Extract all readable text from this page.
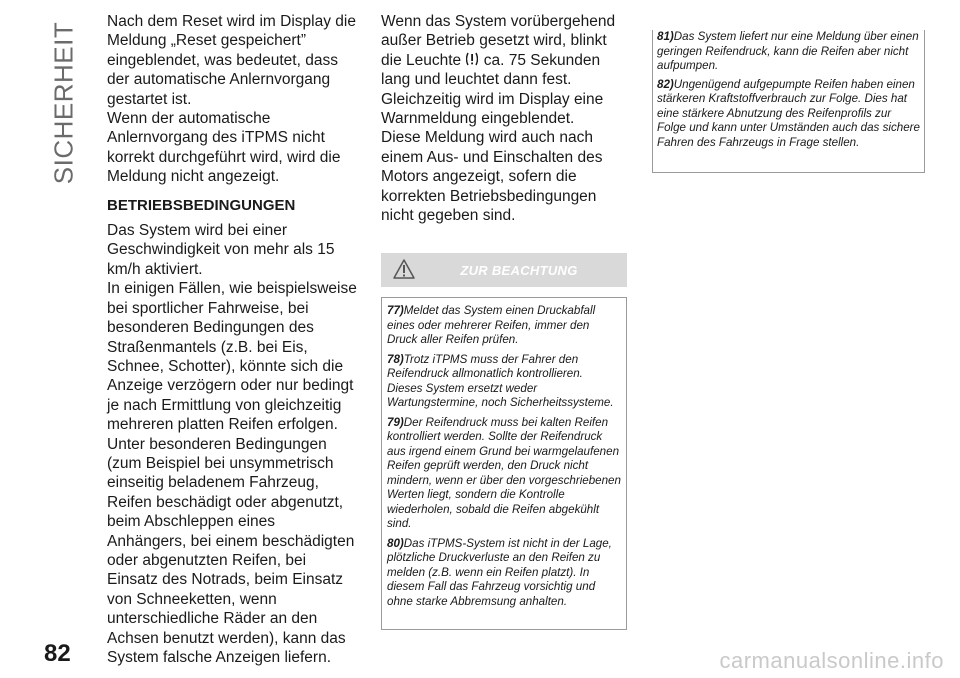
SICHERHEIT Nach dem Reset wird im Display die Meldung „Reset gespeichert” eingeblendet, was bedeutet, dass der automatische Anlernvorgang gestartet ist.

Wenn der automatische Anlernvorgang des iTPMS nicht korrekt durchgeführt wird, wird die Meldung nicht angezeigt.

BETRIEBSBEDINGUNGEN

Das System wird bei einer Geschwindigkeit von mehr als 15 km/h aktiviert.

In einigen Fällen, wie beispielsweise bei sportlicher Fahrweise, bei besonderen Bedingungen des Straßenmantels (z.B. bei Eis, Schnee, Schotter), könnte sich die Anzeige verzögern oder nur bedingt je nach Ermittlung von gleichzeitig mehreren platten Reifen erfolgen.

Unter besonderen Bedingungen (zum Beispiel bei unsymmetrisch einseitig beladenem Fahrzeug, Reifen beschädigt oder abgenutzt, beim Abschleppen eines Anhängers, bei einem beschädigten oder abgenutzten Reifen, bei Einsatz des Notrads, beim Einsatz von Schneeketten, wenn unterschiedliche Räder an den Achsen benutzt werden), kann das System falsche Anzeigen liefern.

Wenn das System vorübergehend außer Betrieb gesetzt wird, blinkt die Leuchte  ca. 75 Sekunden lang und leuchtet dann fest. Gleichzeitig wird im Display eine Warnmeldung eingeblendet.

Diese Meldung wird auch nach einem Aus- und Einschalten des Motors angezeigt, sofern die korrekten Betriebsbedingungen nicht gegeben sind.

ZUR BEACHTUNG

77)Meldet das System einen Druckabfall eines oder mehrerer Reifen, immer den Druck aller Reifen prüfen.

78)Trotz iTPMS muss der Fahrer den Reifendruck allmonatlich kontrollieren. Dieses System ersetzt weder Wartungstermine, noch Sicherheitssysteme.

79)Der Reifendruck muss bei kalten Reifen kontrolliert werden. Sollte der Reifendruck aus irgend einem Grund bei warmgelaufenen Reifen geprüft werden, den Druck nicht mindern, wenn er über den vorgeschriebenen Werten liegt, sondern die Kontrolle wiederholen, sobald die Reifen abgekühlt sind.

80)Das iTPMS-System ist nicht in der Lage, plötzliche Druckverluste an den Reifen zu melden (z.B. wenn ein Reifen platzt). In diesem Fall das Fahrzeug vorsichtig und ohne starke Abbremsung anhalten.

81)Das System liefert nur eine Meldung über einen geringen Reifendruck, kann die Reifen aber nicht aufpumpen.

82)Ungenügend aufgepumpte Reifen haben einen stärkeren Kraftstoffverbrauch zur Folge. Dies hat eine stärkere Abnutzung des Reifenprofils zur Folge und kann unter Umständen auch das sichere Fahren des Fahrzeugs in Frage stellen.

82	carmanualsonline.info
